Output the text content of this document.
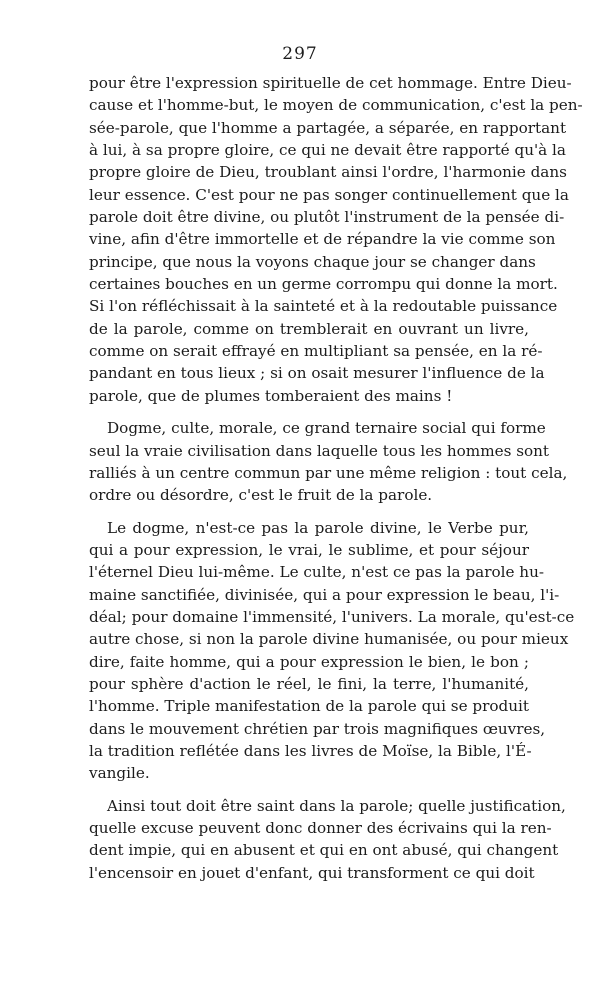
297
pour être l'expression spirituelle de cet hommage. Entre Dieu-
cause et l'homme-but, le moyen de communication, c'est la pen-
sée-parole, que l'homme a partagée, a séparée, en rapportant
à lui, à sa propre gloire, ce qui ne devait être rapporté qu'à la
propre gloire de Dieu, troublant ainsi l'ordre, l'harmonie dans
leur essence. C'est pour ne pas songer continuellement que la
parole doit être divine, ou plutôt l'instrument de la pensée di-
vine, afin d'être immortelle et de répandre la vie comme son
principe, que nous la voyons chaque jour se changer dans
certaines bouches en un germe corrompu qui donne la mort.
Si l'on réfléchissait à la sainteté et à la redoutable puissance
de la parole, comme on tremblerait en ouvrant un livre,
comme on serait effrayé en multipliant sa pensée, en la ré-
pandant en tous lieux ; si on osait mesurer l'influence de la
parole, que de plumes tomberaient des mains !
Dogme, culte, morale, ce grand ternaire social qui forme
seul la vraie civilisation dans laquelle tous les hommes sont
ralliés à un centre commun par une même religion : tout cela,
ordre ou désordre, c'est le fruit de la parole.
Le dogme, n'est-ce pas la parole divine, le Verbe pur,
qui a pour expression, le vrai, le sublime, et pour séjour
l'éternel Dieu lui-même. Le culte, n'est ce pas la parole hu-
maine sanctifiée, divinisée, qui a pour expression le beau, l'i-
déal; pour domaine l'immensité, l'univers. La morale, qu'est-ce
autre chose, si non la parole divine humanisée, ou pour mieux
dire, faite homme, qui a pour expression le bien, le bon ;
pour sphère d'action le réel, le fini, la terre, l'humanité,
l'homme. Triple manifestation de la parole qui se produit
dans le mouvement chrétien par trois magnifiques œuvres,
la tradition reflétée dans les livres de Moïse, la Bible, l'É-
vangile.
Ainsi tout doit être saint dans la parole; quelle justification,
quelle excuse peuvent donc donner des écrivains qui la ren-
dent impie, qui en abusent et qui en ont abusé, qui changent
l'encensoir en jouet d'enfant, qui transforment ce qui doit
